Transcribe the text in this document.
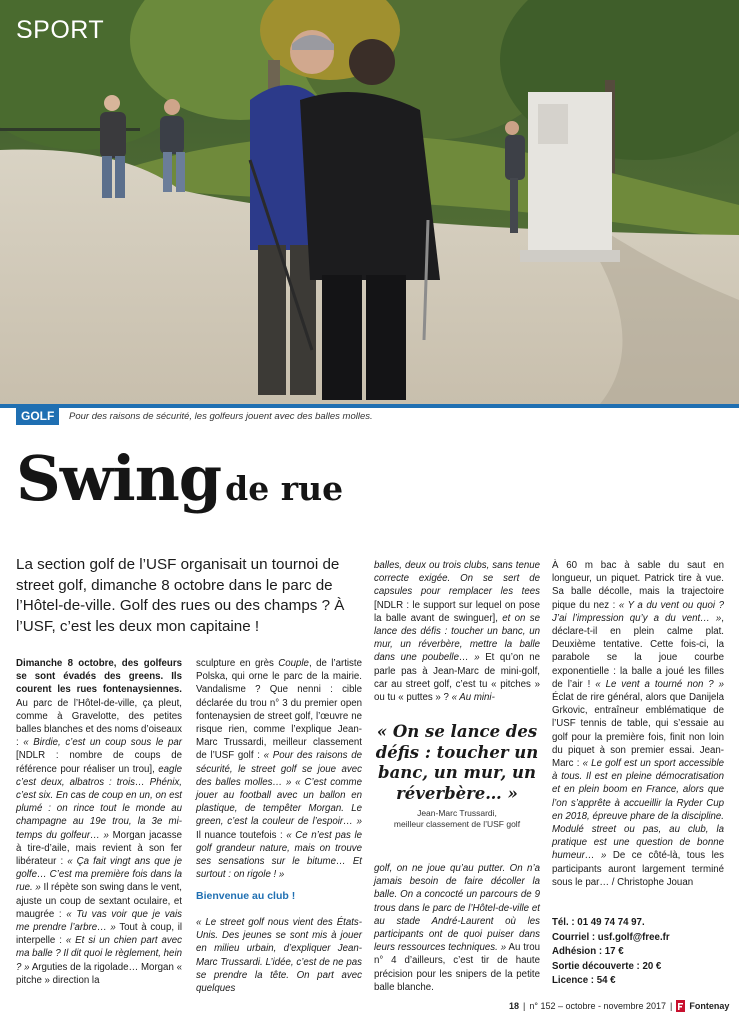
SPORT
GOLF	Pour des raisons de sécurité, les golfeurs jouent avec des balles molles.
Swing de rue
La section golf de l’USF organisait un tournoi de street golf, dimanche 8 octobre dans le parc de l’Hôtel-de-ville. Golf des rues ou des champs ? À l’USF, c’est les deux mon capitaine !

Dimanche 8 octobre, des golfeurs se sont évadés des greens. Ils courent les rues fontenaysiennes. Au parc de l’Hôtel-de-ville, ça pleut, comme à Gravelotte, des petites balles blanches et des noms d’oiseaux : « Birdie, c’est un coup sous le par [NDLR : nombre de coups de référence pour réaliser un trou], eagle c’est deux, albatros : trois… Phénix, c’est six. En cas de coup en un, on est plumé : on rince tout le monde au champagne au 19e trou, la 3e mi-temps du golfeur… » Morgan jacasse à tire-d’aile, mais revient à son fer libérateur : « Ça fait vingt ans que je golfe… C’est ma première fois dans la rue. » Il répète son swing dans le vent, ajuste un coup de sextant oculaire, et maugrée : « Tu vas voir que je vais me prendre l’arbre… » Tout à coup, il interpelle : « Et si un chien part avec ma balle ? Il dit quoi le règlement, hein ? » Arguties de la rigolade… Morgan « pitche » direction la

sculpture en grès Couple, de l’artiste Polska, qui orne le parc de la mairie. Vandalisme ? Que nenni : cible déclarée du trou n° 3 du premier open fontenaysien de street golf, l’œuvre ne risque rien, comme l’explique Jean-Marc Trussardi, meilleur classement de l’USF golf : « Pour des raisons de sécurité, le street golf se joue avec des balles molles… » « C’est comme jouer au football avec un ballon en plastique, de tempêter Morgan. Le green, c’est la couleur de l’espoir… » Il nuance toutefois : « Ce n’est pas le golf grandeur nature, mais on trouve ses sensations sur le bitume… Et surtout : on rigole ! »

Bienvenue au club !

« Le street golf nous vient des États-Unis. Des jeunes se sont mis à jouer en milieu urbain, d’expliquer Jean-Marc Trussardi. L’idée, c’est de ne pas se prendre la tête. On part avec quelques

balles, deux ou trois clubs, sans tenue correcte exigée. On se sert de capsules pour remplacer les tees [NDLR : le support sur lequel on pose la balle avant de swinguer], et on se lance des défis : toucher un banc, un mur, un réverbère, mettre la balle dans une poubelle… » Et qu’on ne parle pas à Jean-Marc de mini-golf, car au street golf, c’est tu « pitches » ou tu « puttes » ? « Au mini-

« On se lance des défis : toucher un banc, un mur, un réverbère… »
Jean-Marc Trussardi,
meilleur classement de l’USF golf

golf, on ne joue qu’au putter. On n’a jamais besoin de faire décoller la balle. On a concocté un parcours de 9 trous dans le parc de l’Hôtel-de-ville et au stade André-Laurent où les participants ont de quoi puiser dans leurs ressources techniques. » Au trou n° 4 d’ailleurs, c’est tir de haute précision pour les snipers de la petite balle blanche.

À 60 m bac à sable du saut en longueur, un piquet. Patrick tire à vue. Sa balle décolle, mais la trajectoire pique du nez : « Y a du vent ou quoi ? J’ai l’impression qu’y a du vent… », déclare-t-il en plein calme plat. Deuxième tentative. Cette fois-ci, la parabole se la joue courbe exponentielle : la balle a joué les filles de l’air ! « Le vent a tourné non ? » Éclat de rire général, alors que Danijela Grkovic, entraîneur emblématique de l’USF tennis de table, qui s’essaie au golf pour la première fois, finit non loin du piquet à son premier essai. Jean-Marc : « Le golf est un sport accessible à tous. Il est en pleine démocratisation et en plein boom en France, alors que l’on s’apprête à accueillir la Ryder Cup en 2018, épreuve phare de la discipline. Modulé street ou pas, au club, la pratique est une question de bonne humeur… » De ce côté-là, tous les participants auront largement terminé sous le par… / Christophe Jouan

Tél. : 01 49 74 74 97.
Courriel : usf.golf@free.fr
Adhésion : 17 €
Sortie découverte : 20 €
Licence : 54 €
18 | n° 152 – octobre - novembre 2017 | Fontenay
